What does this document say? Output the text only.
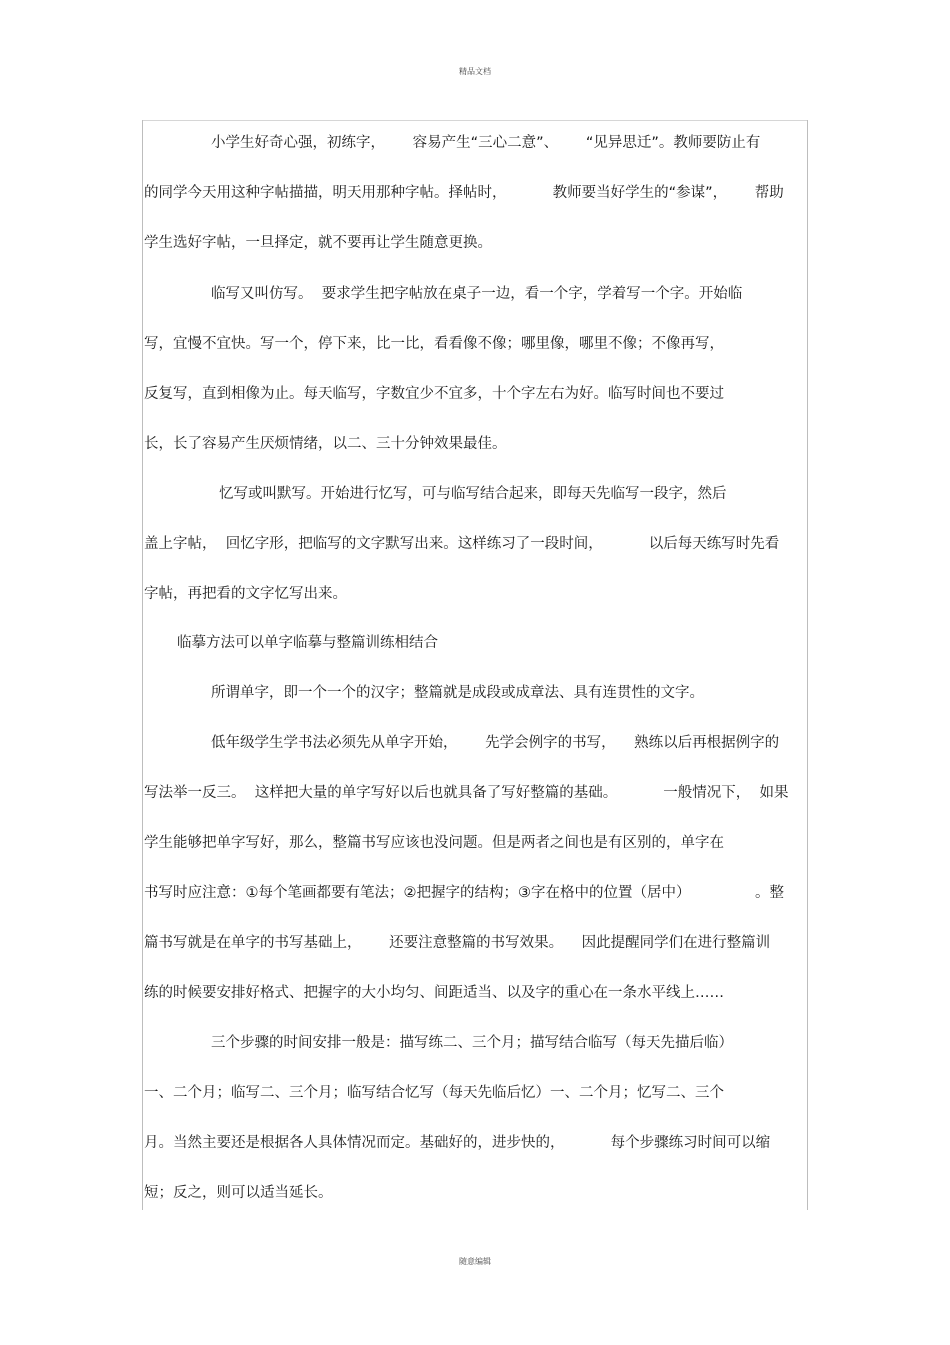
精品文档
小学生好奇心强，初练字，      容易产生“三心二意”、      “见异思迁”。教师要防止有
的同学今天用这种字帖描描，明天用那种字帖。择帖时，          教师要当好学生的“参谋”，      帮助
学生选好字帖，一旦择定，就不要再让学生随意更换。
临写又叫仿写。  要求学生把字帖放在桌子一边，看一个字，学着写一个字。开始临
写，宜慢不宜快。写一个，停下来，比一比，看看像不像；哪里像，哪里不像；不像再写，
反复写，直到相像为止。每天临写，字数宜少不宜多，十个字左右为好。临写时间也不要过
长，长了容易产生厌烦情绪，以二、三十分钟效果最佳。
忆写或叫默写。开始进行忆写，可与临写结合起来，即每天先临写一段字，然后
盖上字帖，  回忆字形，把临写的文字默写出来。这样练习了一段时间，          以后每天练写时先看
字帖，再把看的文字忆写出来。
临摹方法可以单字临摹与整篇训练相结合
所谓单字，即一个一个的汉字；整篇就是成段或成章法、具有连贯性的文字。
低年级学生学书法必须先从单字开始，      先学会例字的书写，    熟练以后再根据例字的
写法举一反三。  这样把大量的单字写好以后也就具备了写好整篇的基础。          一般情况下，  如果
学生能够把单字写好，那么，整篇书写应该也没问题。但是两者之间也是有区别的，单字在
书写时应注意：①每个笔画都要有笔法；②把握字的结构；③字在格中的位置（居中）              。整
篇书写就是在单字的书写基础上，      还要注意整篇的书写效果。    因此提醒同学们在进行整篇训
练的时候要安排好格式、把握字的大小均匀、间距适当、以及字的重心在一条水平线上……
三个步骤的时间安排一般是：描写练二、三个月；描写结合临写（每天先描后临）
一、二个月；临写二、三个月；临写结合忆写（每天先临后忆）一、二个月；忆写二、三个
月。当然主要还是根据各人具体情况而定。基础好的，进步快的，          每个步骤练习时间可以缩
短；反之，则可以适当延长。
随意编辑
